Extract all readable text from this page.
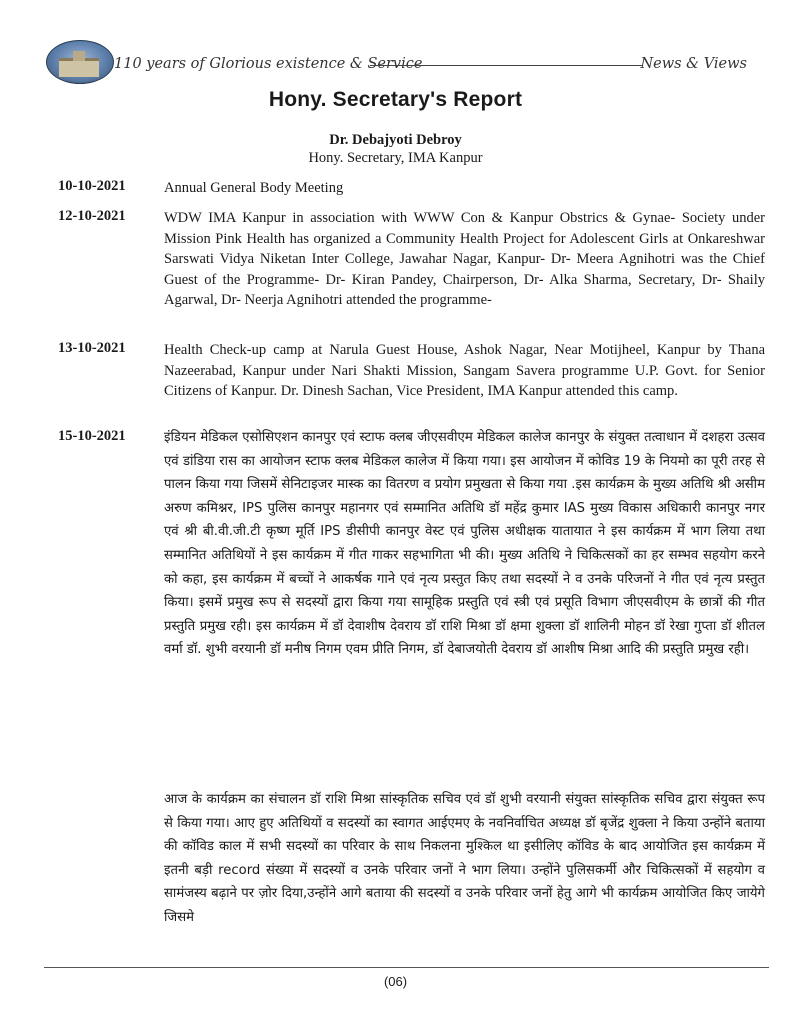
110 years of Glorious existence & Service	News & Views
Hony. Secretary's Report
Dr. Debajyoti Debroy
Hony. Secretary, IMA Kanpur
10-10-2021	Annual General Body Meeting
12-10-2021	WDW IMA Kanpur in association with WWW Con & Kanpur Obstrics & Gynae- Society under Mission Pink Health has organized a Community Health Project for Adolescent Girls at Onkareshwar Sarswati Vidya Niketan Inter College, Jawahar Nagar, Kanpur- Dr- Meera Agnihotri was the Chief Guest of the Programme- Dr- Kiran Pandey, Chairperson, Dr- Alka Sharma, Secretary, Dr- Shaily Agarwal, Dr- Neerja Agnihotri attended the programme-
13-10-2021	Health Check-up camp at Narula Guest House, Ashok Nagar, Near Motijheel, Kanpur by Thana Nazeerabad, Kanpur under Nari Shakti Mission, Sangam Savera programme U.P. Govt. for Senior Citizens of Kanpur. Dr. Dinesh Sachan, Vice President, IMA Kanpur attended this camp.
15-10-2021	इंडियन मेडिकल एसोसिएशन कानपुर एवं स्टाफ क्लब जीएसवीएम मेडिकल कालेज कानपुर के संयुक्त तत्वाधान में दशहरा उत्सव एवं डांडिया रास का आयोजन स्टाफ क्लब मेडिकल कालेज में किया गया। इस आयोजन में कोविड 19 के नियमो का पूरी तरह से पालन किया गया जिसमें सेनिटाइजर मास्क का वितरण व प्रयोग प्रमुखता से किया गया .इस कार्यक्रम के मुख्य अतिथि श्री असीम अरुण कमिश्नर, IPS पुलिस कानपुर महानगर एवं सम्मानित अतिथि डॉ महेंद्र कुमार IAS मुख्य विकास अधिकारी कानपुर नगर एवं श्री बी.वी.जी.टी कृष्ण मूर्ति IPS डीसीपी कानपुर वेस्ट एवं पुलिस अधीक्षक यातायात ने इस कार्यक्रम में भाग लिया तथा सम्मानित अतिथियों ने इस कार्यक्रम में गीत गाकर सहभागिता भी की। मुख्य अतिथि ने चिकित्सकों का हर सम्भव सहयोग करने को कहा, इस कार्यक्रम में बच्चों ने आकर्षक गाने एवं नृत्य प्रस्तुत किए तथा सदस्यों ने व उनके परिजनों ने गीत एवं नृत्य प्रस्तुत किया। इसमें प्रमुख रूप से सदस्यों द्वारा किया गया सामूहिक प्रस्तुति एवं स्त्री एवं प्रसूति विभाग जीएसवीएम के छात्रों की गीत प्रस्तुति प्रमुख रही। इस कार्यक्रम में डॉ देवाशीष देवराय डॉ राशि मिश्रा डॉ क्षमा शुक्ला डॉ शालिनी मोहन डॉ रेखा गुप्ता डॉ शीतल वर्मा डॉ. शुभी वरयानी डॉ मनीष निगम एवम प्रीति निगम, डॉ देबाजयोती देवराय डॉ आशीष मिश्रा आदि की प्रस्तुति प्रमुख रही।
आज के कार्यक्रम का संचालन डॉ राशि मिश्रा सांस्कृतिक सचिव एवं डॉ शुभी वरयानी संयुक्त सांस्कृतिक सचिव द्वारा संयुक्त रूप से किया गया। आए हुए अतिथियों व सदस्यों का स्वागत आईएमए के नवनिर्वाचित अध्यक्ष डॉ बृजेंद्र शुक्ला ने किया उन्होंने बताया की कॉविड काल में सभी सदस्यों का परिवार के साथ निकलना मुश्किल था इसीलिए कॉविड के बाद आयोजित इस कार्यक्रम में इतनी बड़ी record संख्या में सदस्यों व उनके परिवार जनों ने भाग लिया। उन्होंने पुलिसकर्मी और चिकित्सकों में सहयोग व सामंजस्य बढ़ाने पर ज़ोर दिया,उन्होंने आगे बताया की सदस्यों व उनके परिवार जनों हेतु आगे भी कार्यक्रम आयोजित किए जायेगे जिसमे
(06)
